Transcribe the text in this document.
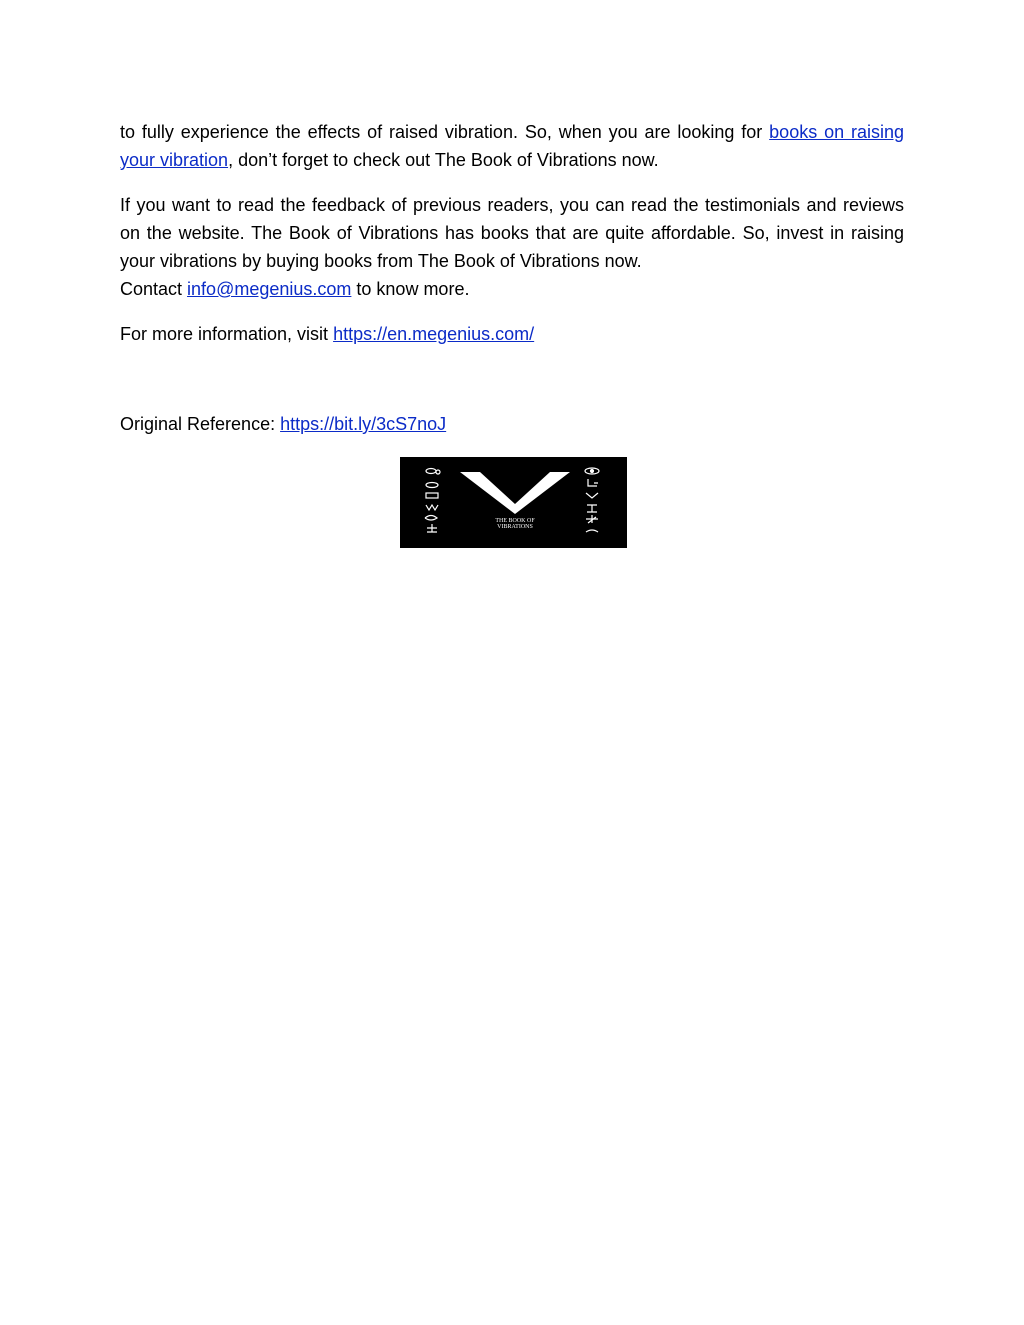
to fully experience the effects of raised vibration. So, when you are looking for books on raising your vibration, don’t forget to check out The Book of Vibrations now.

If you want to read the feedback of previous readers, you can read the testimonials and reviews on the website. The Book of Vibrations has books that are quite affordable. So, invest in raising your vibrations by buying books from The Book of Vibrations now.
Contact info@megenius.com to know more.

For more information, visit https://en.megenius.com/

Original Reference: https://bit.ly/3cS7noJ

THE BOOK OF
VIBRATIONS
